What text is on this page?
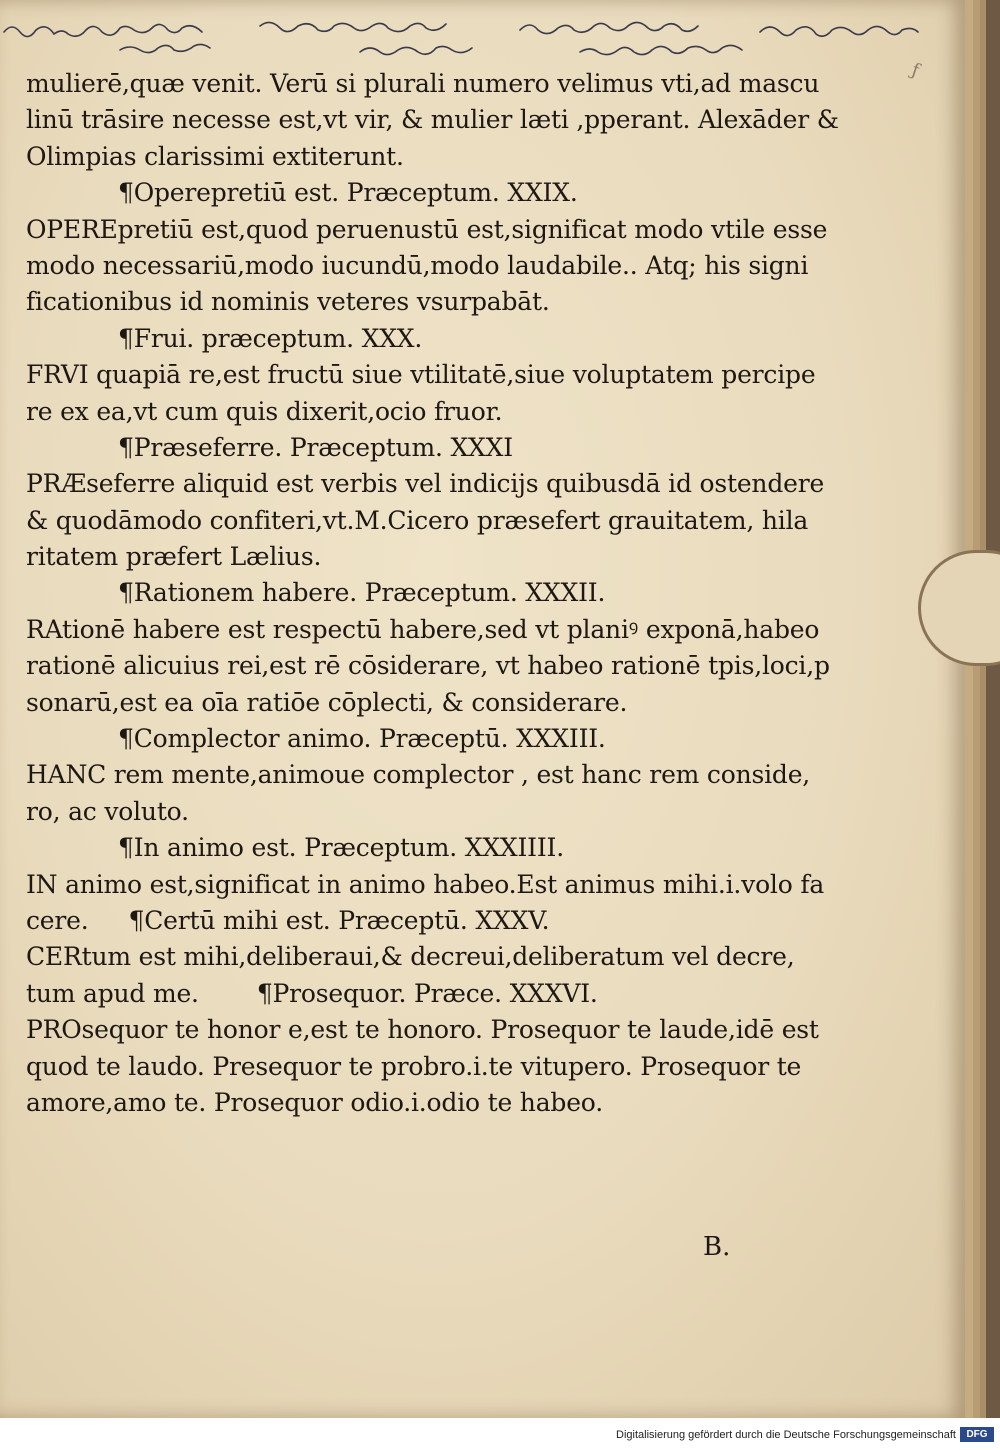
ƒ
mulierē,quæ venit. Verū si plurali numero velimus vti,ad mascu
linū trāsire necesse est,vt vir, & mulier læti ,pperant. Alexāder &
Olimpias clarissimi extiterunt.
¶Operepretiū est. Præceptum. XXIX.
OPEREpretiū est,quod peruenustū est,significat modo vtile esse
modo necessariū,modo iucundū,modo laudabile.. Atq; his signi
ficationibus id nominis veteres vsurpabāt.
¶Frui. præceptum. XXX.
FRVI quapiā re,est fructū siue vtilitatē,siue voluptatem percipe
re ex ea,vt cum quis dixerit,ocio fruor.
¶Præseferre. Præceptum. XXXI
PRÆseferre aliquid est verbis vel indicijs quibusdā id ostendere
& quodāmodo confiteri,vt.M.Cicero præsefert grauitatem, hila
ritatem præfert Lælius.
¶Rationem habere. Præceptum. XXXII.
RAtionē habere est respectū habere,sed vt planiꝰ exponā,habeo
rationē alicuius rei,est rē cōsiderare, vt habeo rationē tpis,loci,p
sonarū,est ea oīa ratiōe cōplecti, & considerare.
¶Complector animo. Præceptū. XXXIII.
HANC rem mente,animoue complector , est hanc rem conside,
ro, ac voluto.
¶In animo est. Præceptum. XXXIIII.
IN animo est,significat in animo habeo.Est animus mihi.i.volo fa
cere. ¶Certū mihi est. Præceptū. XXXV.
CERtum est mihi,deliberaui,& decreui,deliberatum vel decre,
tum apud me. ¶Prosequor. Præce. XXXVI.
PROsequor te honor e,est te honoro. Prosequor te laude,idē est
quod te laudo. Presequor te probro.i.te vitupero. Prosequor te
amore,amo te. Prosequor odio.i.odio te habeo.
B.
Digitalisierung gefördert durch die Deutsche Forschungsgemeinschaft	DFG
